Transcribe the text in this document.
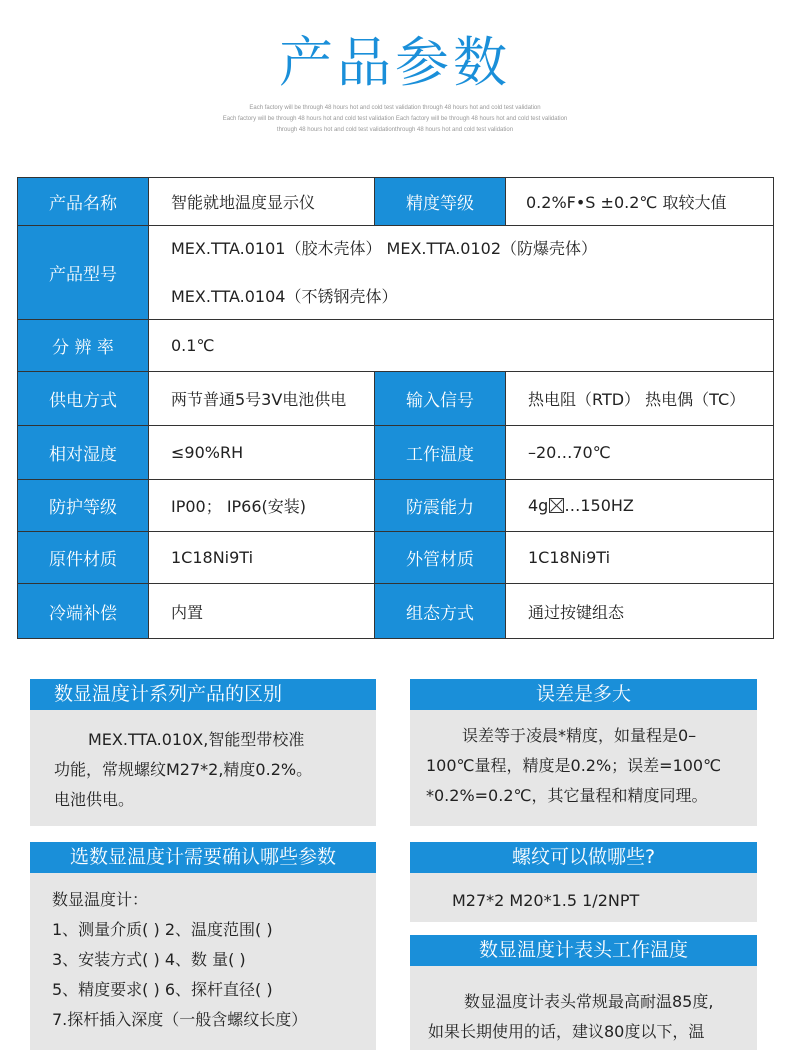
产品参数
Each factory will be through 48 hours hot and cold test validation through 48 hours hot and cold test validation
Each factory will be through 48 hours hot and cold test validation Each factory will be through 48 hours hot and cold test validation
through 48 hours hot and cold test validationthrough 48 hours hot and cold test validation
产品名称	智能就地温度显示仪	精度等级	0.2%F•S ±0.2℃ 取较大值
产品型号	MEX.TTA.0101（胶木壳体） MEX.TTA.0102（防爆壳体）
MEX.TTA.0104（不锈钢壳体）		

分 辨 率	0.1℃		
供电方式	两节普通5号3V电池供电	输入信号	热电阻（RTD） 热电偶（TC）
相对湿度	≤90%RH	工作温度	–20…70℃
防护等级	IP00； IP66(安装)	防震能力	4g☒…150HZ
原件材质	1C18Ni9Ti	外管材质	1C18Ni9Ti
冷端补偿	内置	组态方式	通过按键组态
数显温度计系列产品的区别
MEX.TTA.010X,智能型带校准
功能，常规螺纹M27*2,精度0.2%。
电池供电。
误差是多大
误差等于凌晨*精度，如量程是0–
100℃量程，精度是0.2%；误差=100℃
*0.2%=0.2℃，其它量程和精度同理。
选数显温度计需要确认哪些参数
数显温度计：
1、测量介质( ) 2、温度范围( )
3、安装方式( ) 4、数 量( )
5、精度要求( ) 6、探杆直径( )
7.探杆插入深度（一般含螺纹长度）
螺纹可以做哪些?
M27*2 M20*1.5 1/2NPT
数显温度计表头工作温度
数显温度计表头常规最高耐温85度,
如果长期使用的话，建议80度以下，温
